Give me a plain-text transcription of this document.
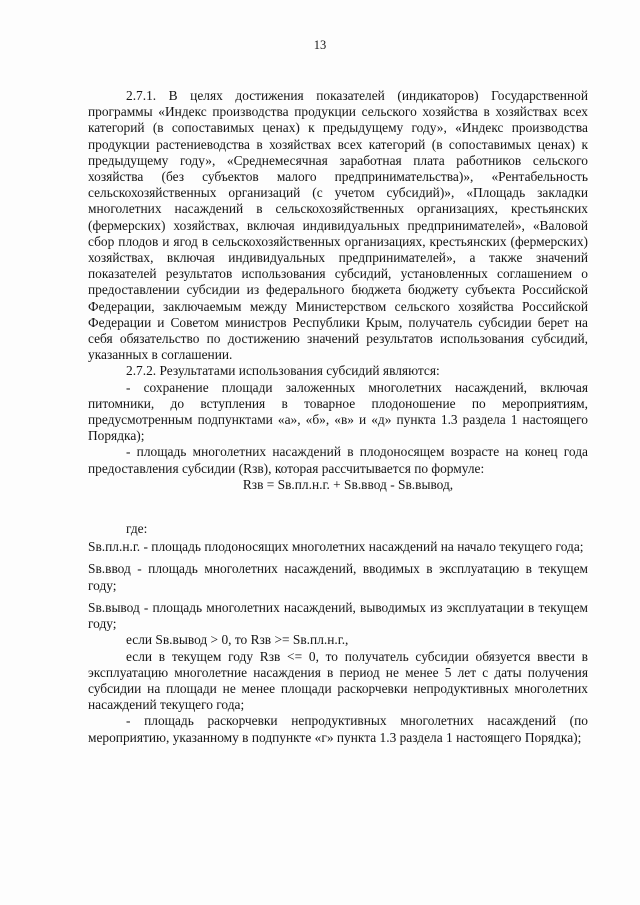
13

2.7.1. В целях достижения показателей (индикаторов) Государственной программы «Индекс производства продукции сельского хозяйства в хозяйствах всех категорий (в сопоставимых ценах) к предыдущему году», «Индекс производства продукции растениеводства в хозяйствах всех категорий (в сопоставимых ценах) к предыдущему году», «Среднемесячная заработная плата работников сельского хозяйства (без субъектов малого предпринимательства)», «Рентабельность сельскохозяйственных организаций (с учетом субсидий)», «Площадь закладки многолетних насаждений в сельскохозяйственных организациях, крестьянских (фермерских) хозяйствах, включая индивидуальных предпринимателей», «Валовой сбор плодов и ягод в сельскохозяйственных организациях, крестьянских (фермерских) хозяйствах, включая индивидуальных предпринимателей», а также значений показателей результатов использования субсидий, установленных соглашением о предоставлении субсидии из федерального бюджета бюджету субъекта Российской Федерации, заключаемым между Министерством сельского хозяйства Российской Федерации и Советом министров Республики Крым, получатель субсидии берет на себя обязательство по достижению значений результатов использования субсидий, указанных в соглашении.

2.7.2. Результатами использования субсидий являются:

- сохранение площади заложенных многолетних насаждений, включая питомники, до вступления в товарное плодоношение по мероприятиям, предусмотренным подпунктами «а», «б», «в» и «д» пункта 1.3 раздела 1 настоящего Порядка);

- площадь многолетних насаждений в плодоносящем возрасте на конец года предоставления субсидии (Rзв), которая рассчитывается по формуле:

Rзв = Sв.пл.н.г. + Sв.ввод - Sв.вывод,

где:

Sв.пл.н.г. - площадь плодоносящих многолетних насаждений на начало текущего года;

Sв.ввод - площадь многолетних насаждений, вводимых в эксплуатацию в текущем году;

Sв.вывод - площадь многолетних насаждений, выводимых из эксплуатации в текущем году;

если Sв.вывод > 0, то Rзв >= Sв.пл.н.г.,

если в текущем году Rзв <= 0, то получатель субсидии обязуется ввести в эксплуатацию многолетние насаждения в период не менее 5 лет с даты получения субсидии на площади не менее площади раскорчевки непродуктивных многолетних насаждений текущего года;

- площадь раскорчевки непродуктивных многолетних насаждений (по мероприятию, указанному в подпункте «г» пункта 1.3 раздела 1 настоящего Порядка);
